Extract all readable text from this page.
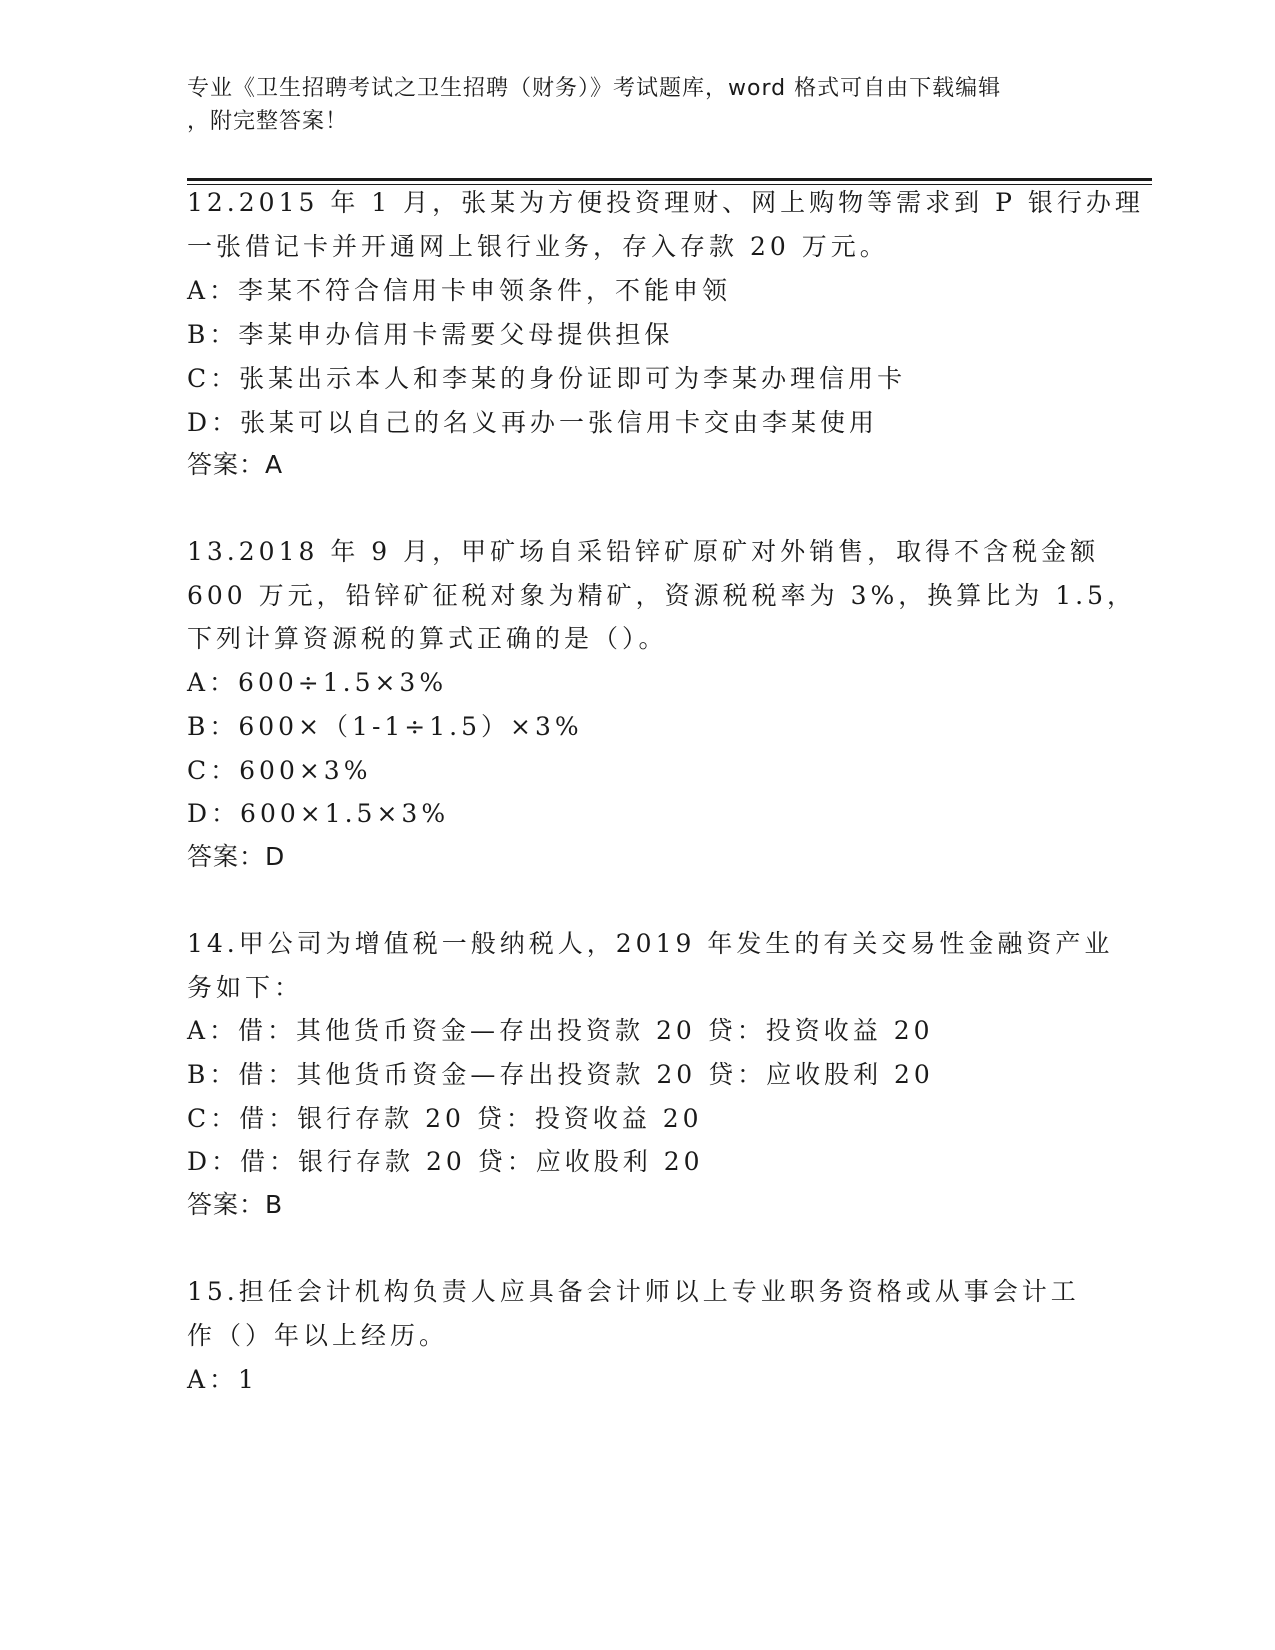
专业《卫生招聘考试之卫生招聘（财务）》考试题库，word 格式可自由下载编辑
，附完整答案！
12.2015 年 1 月，张某为方便投资理财、网上购物等需求到 P 银行办理
一张借记卡并开通网上银行业务，存入存款 20 万元。
A：李某不符合信用卡申领条件，不能申领
B：李某申办信用卡需要父母提供担保
C：张某出示本人和李某的身份证即可为李某办理信用卡
D：张某可以自己的名义再办一张信用卡交由李某使用
答案：A
13.2018 年 9 月，甲矿场自采铅锌矿原矿对外销售，取得不含税金额
600 万元，铅锌矿征税对象为精矿，资源税税率为 3%，换算比为 1.5，
下列计算资源税的算式正确的是（）。
A：600÷1.5×3%
B：600×（1-1÷1.5）×3%
C：600×3%
D：600×1.5×3%
答案：D
14.甲公司为增值税一般纳税人，2019 年发生的有关交易性金融资产业
务如下：
A：借：其他货币资金—存出投资款 20 贷：投资收益 20
B：借：其他货币资金—存出投资款 20 贷：应收股利 20
C：借：银行存款 20 贷：投资收益 20
D：借：银行存款 20 贷：应收股利 20
答案：B
15.担任会计机构负责人应具备会计师以上专业职务资格或从事会计工
作（）年以上经历。
A：1
